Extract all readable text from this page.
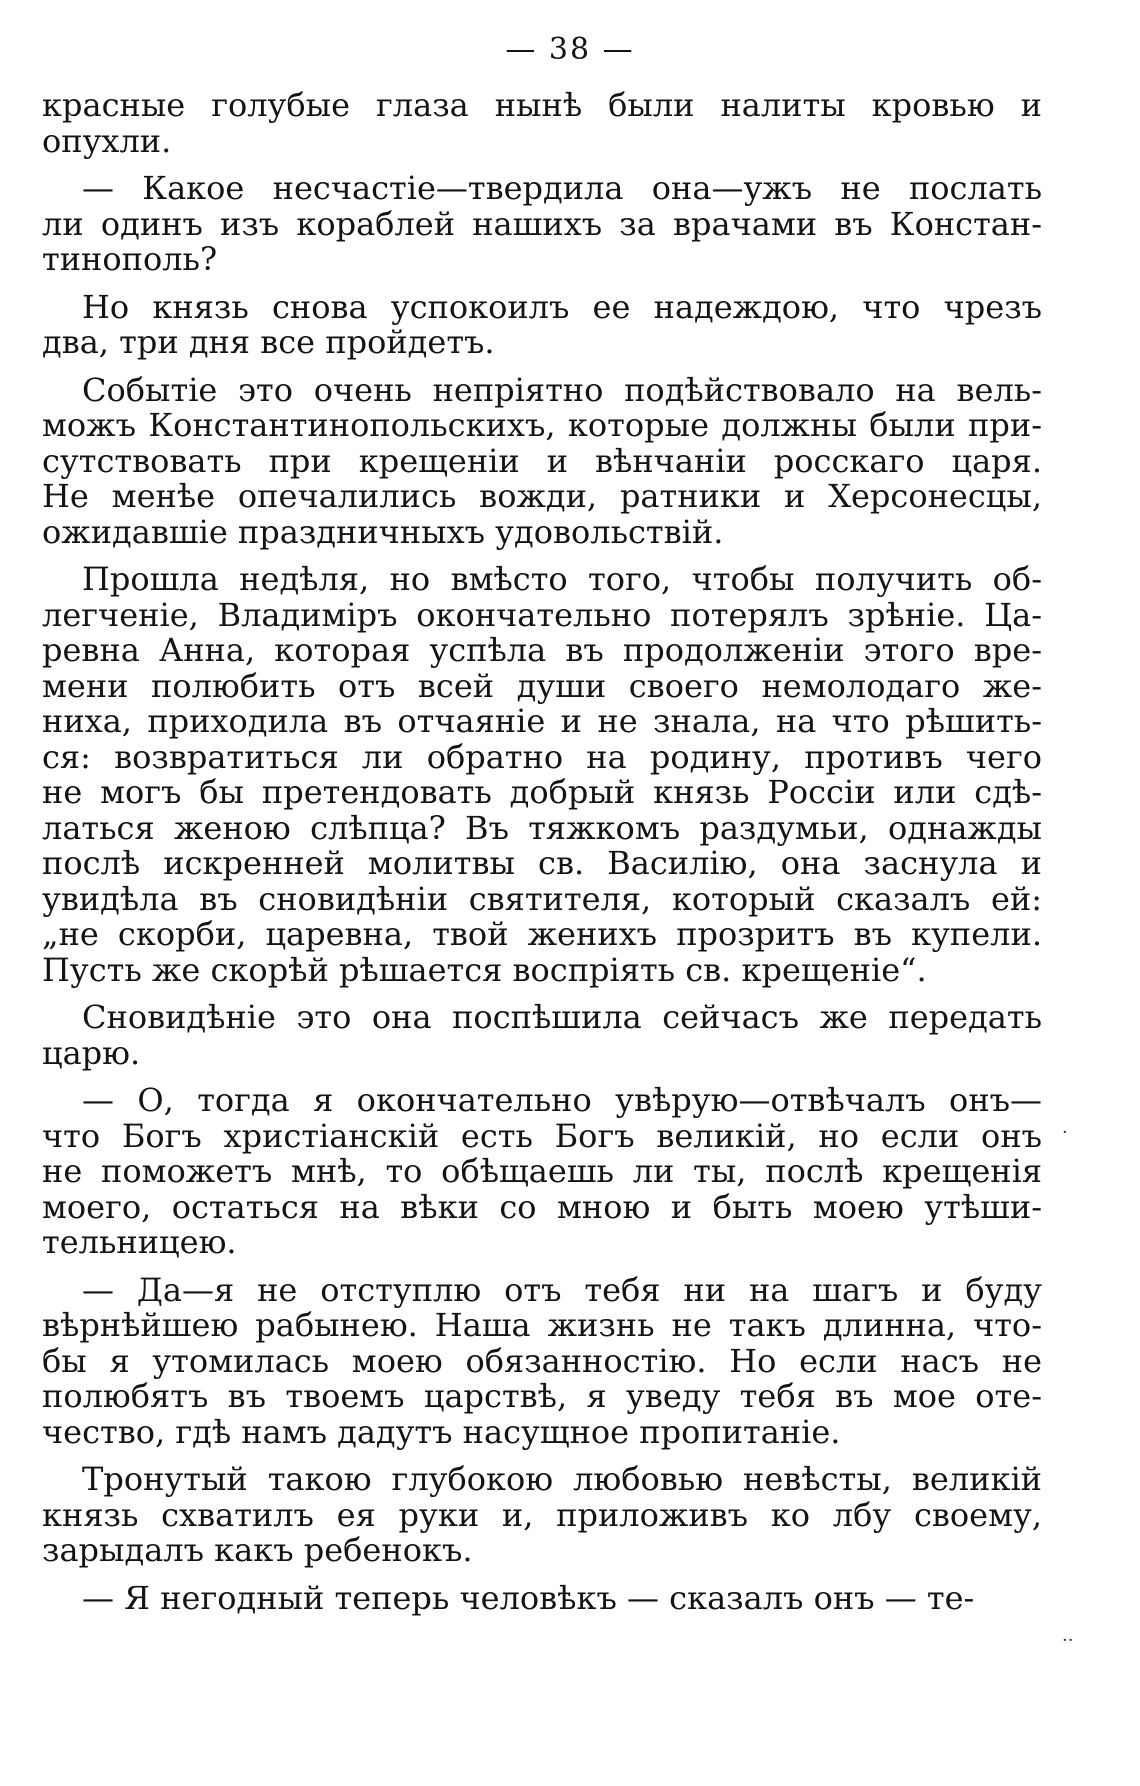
— 38 —
красные голубые глаза нынѣ были налиты кровью и
опухли.
— Какое несчастіе—твердила она—ужъ не послать
ли одинъ изъ кораблей нашихъ за врачами въ Констан-
тинополь?
Но князь снова успокоилъ ее надеждою, что чрезъ
два, три дня все пройдетъ.
Событіе это очень непріятно подѣйствовало на вель-
можъ Константинопольскихъ, которые должны были при-
сутствовать при крещеніи и вѣнчаніи росскаго царя.
Не менѣе опечалились вожди, ратники и Херсонесцы,
ожидавшіе праздничныхъ удовольствій.
Прошла недѣля, но вмѣсто того, чтобы получить об-
легченіе, Владиміръ окончательно потерялъ зрѣніе. Ца-
ревна Анна, которая успѣла въ продолженіи этого вре-
мени полюбить отъ всей души своего немолодаго же-
ниха, приходила въ отчаяніе и не знала, на что рѣшить-
ся: возвратиться ли обратно на родину, противъ чего
не могъ бы претендовать добрый князь Россіи или сдѣ-
латься женою слѣпца? Въ тяжкомъ раздумьи, однажды
послѣ искренней молитвы св. Василію, она заснула и
увидѣла въ сновидѣніи святителя, который сказалъ ей:
„не скорби, царевна, твой женихъ прозритъ въ купели.
Пусть же скорѣй рѣшается воспріять св. крещеніе“.
Сновидѣніе это она поспѣшила сейчасъ же передать
царю.
— О, тогда я окончательно увѣрую—отвѣчалъ онъ—
что Богъ христіанскій есть Богъ великій, но если онъ
не поможетъ мнѣ, то обѣщаешь ли ты, послѣ крещенія
моего, остаться на вѣки со мною и быть моею утѣши-
тельницею.
— Да—я не отступлю отъ тебя ни на шагъ и буду
вѣрнѣйшею рабынею. Наша жизнь не такъ длинна, что-
бы я утомилась моею обязанностію. Но если насъ не
полюбятъ въ твоемъ царствѣ, я уведу тебя въ мое оте-
чество, гдѣ намъ дадутъ насущное пропитаніе.
Тронутый такою глубокою любовью невѣсты, великій
князь схватилъ ея руки и, приложивъ ко лбу своему,
зарыдалъ какъ ребенокъ.
— Я негодный теперь человѣкъ — сказалъ онъ — те-
·
··
